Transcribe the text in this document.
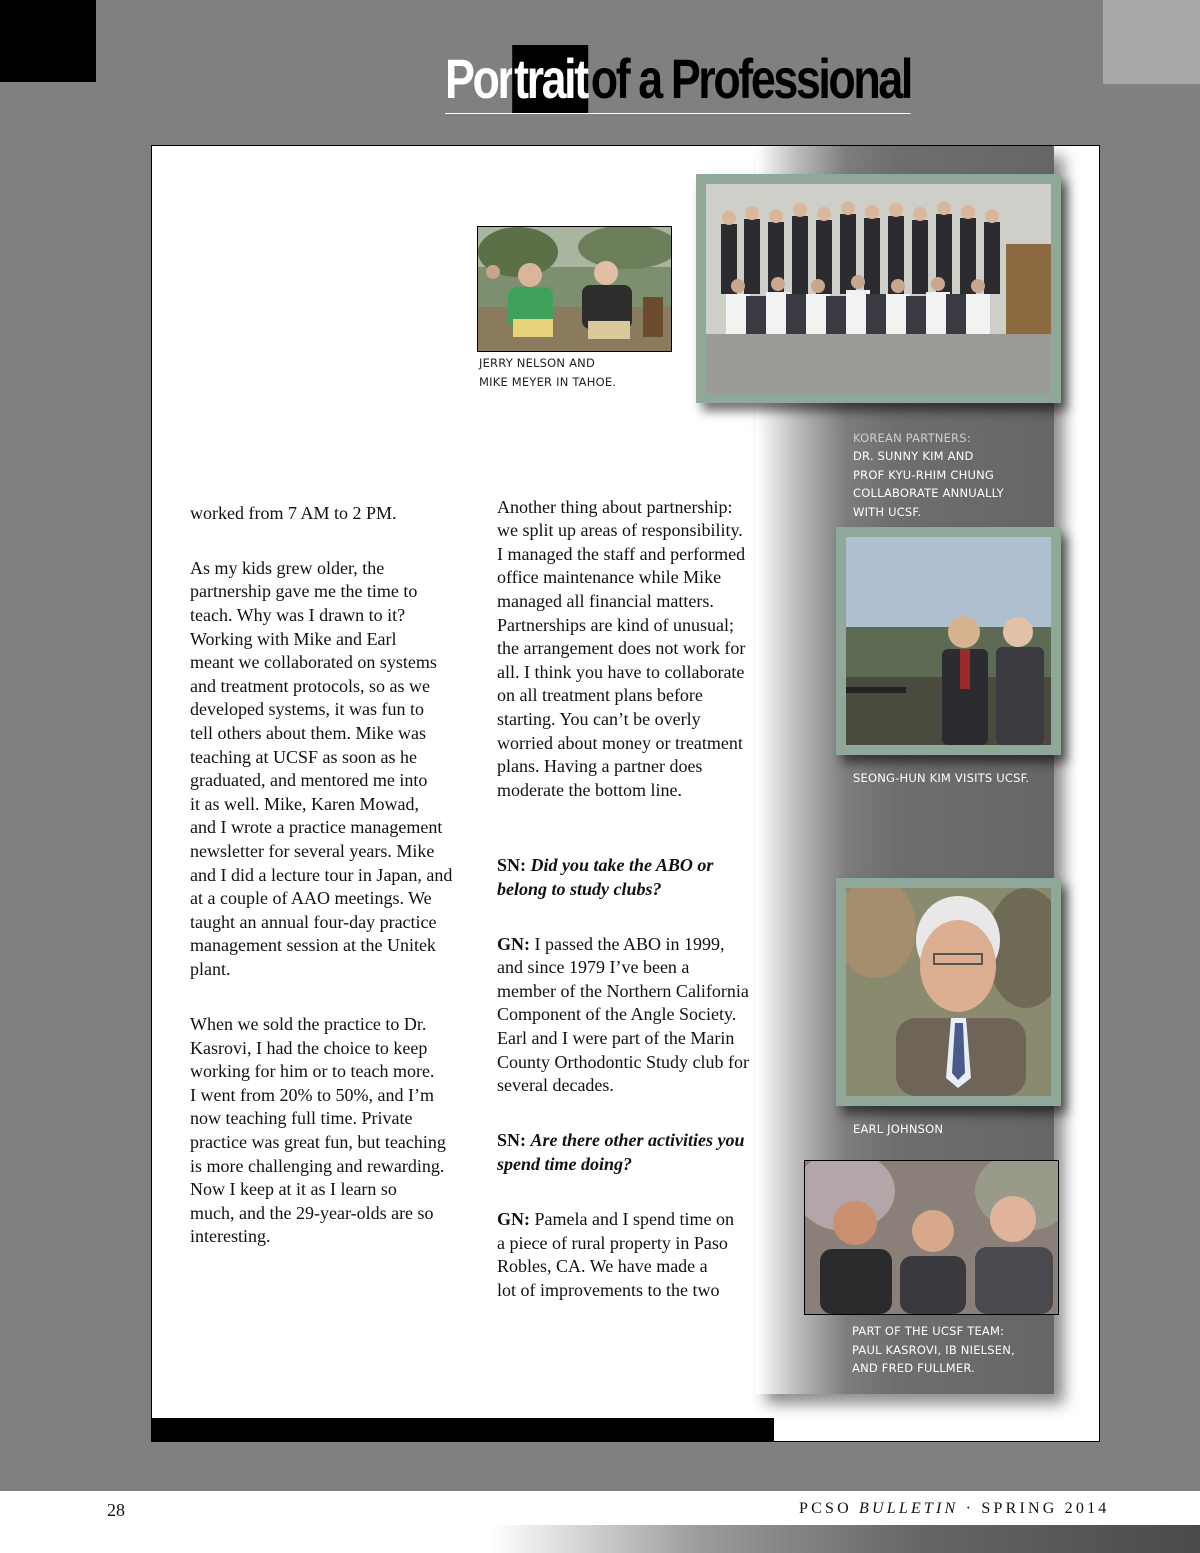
Por trait of a Professional
JERRY NELSON AND
MIKE MEYER IN TAHOE.

KOREAN PARTNERS:

DR. SUNNY KIM AND
PROF KYU-RHIM CHUNG
COLLABORATE ANNUALLY
WITH UCSF.

SEONG-HUN KIM VISITS UCSF.
EARL JOHNSON
PART OF THE UCSF TEAM:
PAUL KASROVI, IB NIELSEN,
AND FRED FULLMER.

worked from 7 AM to 2 PM.

As my kids grew older, the
partnership gave me the time to
teach. Why was I drawn to it?
Working with Mike and Earl
meant we collaborated on systems
and treatment protocols, so as we
developed systems, it was fun to
tell others about them. Mike was
teaching at UCSF as soon as he
graduated, and mentored me into
it as well. Mike, Karen Mowad,
and I wrote a practice management
newsletter for several years. Mike
and I did a lecture tour in Japan, and
at a couple of AAO meetings. We
taught an annual four-day practice
management session at the Unitek
plant.

When we sold the practice to Dr.
Kasrovi, I had the choice to keep
working for him or to teach more.
I went from 20% to 50%, and I’m
now teaching full time. Private
practice was great fun, but teaching
is more challenging and rewarding.
Now I keep at it as I learn so
much, and the 29-year-olds are so
interesting.

Another thing about partnership:
we split up areas of responsibility.
I managed the staff and performed
office maintenance while Mike
managed all financial matters.
Partnerships are kind of unusual;
the arrangement does not work for
all. I think you have to collaborate
on all treatment plans before
starting. You can’t be overly
worried about money or treatment
plans. Having a partner does
moderate the bottom line.

SN: Did you take the ABO or
belong to study clubs?

GN: I passed the ABO in 1999,
and since 1979 I’ve been a
member of the Northern California
Component of the Angle Society.
Earl and I were part of the Marin
County Orthodontic Study club for
several decades.

SN: Are there other activities you
spend time doing?

GN: Pamela and I spend time on
a piece of rural property in Paso
Robles, CA. We have made a
lot of improvements to the two

28	PCSO BULLETIN · SPRING 2014
